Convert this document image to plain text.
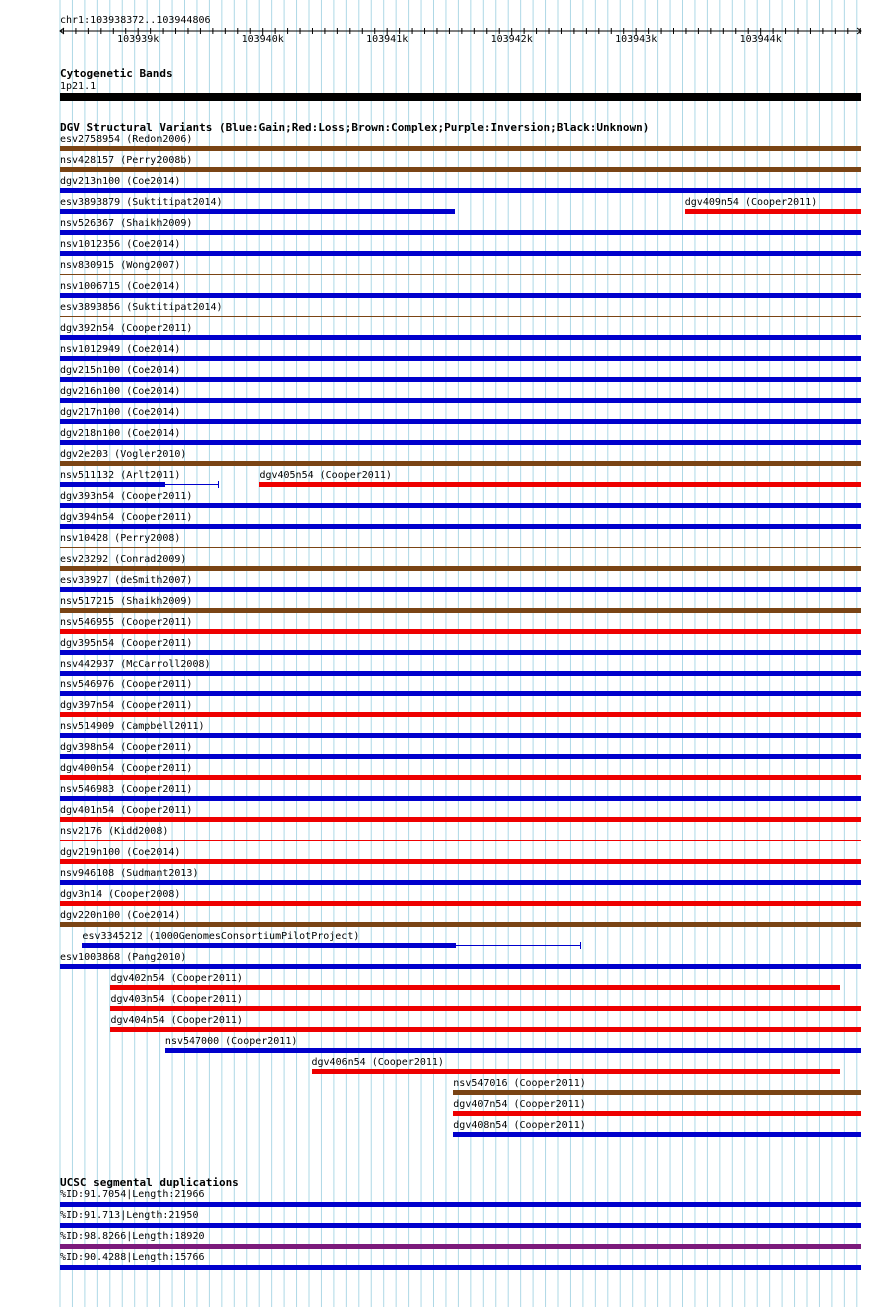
chr1:103938372..103944806
103939k	103940k	103941k	103942k	103943k	103944k
Cytogenetic Bands
1p21.1
DGV Structural Variants (Blue:Gain;Red:Loss;Brown:Complex;Purple:Inversion;Black:Unknown)
esv2758954 (Redon2006)
nsv428157 (Perry2008b)
dgv213n100 (Coe2014)
esv3893879 (Suktitipat2014)	dgv409n54 (Cooper2011)
nsv526367 (Shaikh2009)
nsv1012356 (Coe2014)
nsv830915 (Wong2007)
nsv1006715 (Coe2014)
esv3893856 (Suktitipat2014)
dgv392n54 (Cooper2011)
nsv1012949 (Coe2014)
dgv215n100 (Coe2014)
dgv216n100 (Coe2014)
dgv217n100 (Coe2014)
dgv218n100 (Coe2014)
dgv2e203 (Vogler2010)
nsv511132 (Arlt2011)	dgv405n54 (Cooper2011)
dgv393n54 (Cooper2011)
dgv394n54 (Cooper2011)
nsv10428 (Perry2008)
esv23292 (Conrad2009)
esv33927 (deSmith2007)
nsv517215 (Shaikh2009)
nsv546955 (Cooper2011)
dgv395n54 (Cooper2011)
nsv442937 (McCarroll2008)
nsv546976 (Cooper2011)
dgv397n54 (Cooper2011)
nsv514909 (Campbell2011)
dgv398n54 (Cooper2011)
dgv400n54 (Cooper2011)
nsv546983 (Cooper2011)
dgv401n54 (Cooper2011)
nsv2176 (Kidd2008)
dgv219n100 (Coe2014)
nsv946108 (Sudmant2013)
dgv3n14 (Cooper2008)
dgv220n100 (Coe2014)
esv3345212 (1000GenomesConsortiumPilotProject)
esv1003868 (Pang2010)
dgv402n54 (Cooper2011)
dgv403n54 (Cooper2011)
dgv404n54 (Cooper2011)
nsv547000 (Cooper2011)
dgv406n54 (Cooper2011)
nsv547016 (Cooper2011)
dgv407n54 (Cooper2011)
dgv408n54 (Cooper2011)
UCSC segmental duplications
%ID:91.7054|Length:21966
%ID:91.713|Length:21950
%ID:98.8266|Length:18920
%ID:90.4288|Length:15766
